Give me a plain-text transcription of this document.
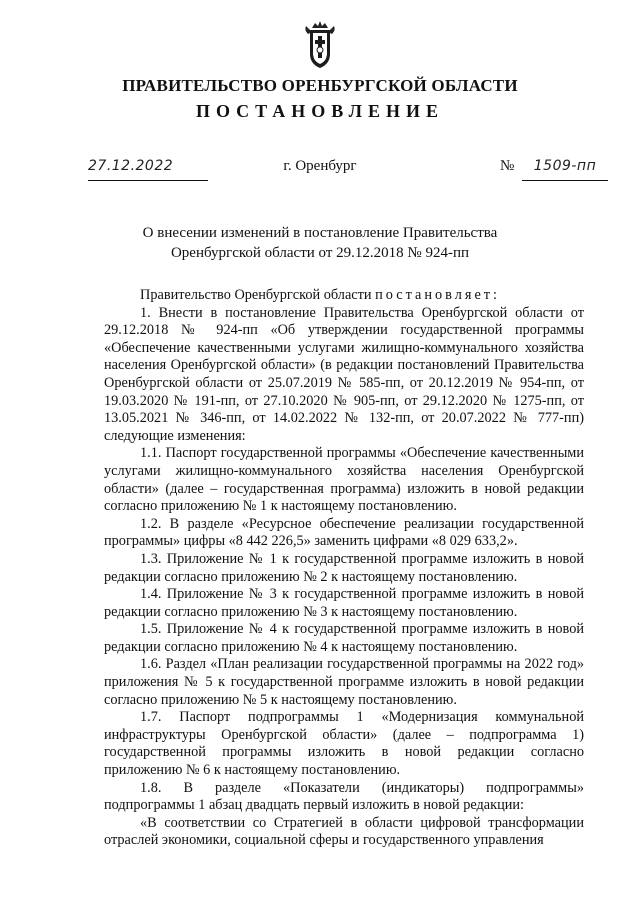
ПРАВИТЕЛЬСТВО ОРЕНБУРГСКОЙ ОБЛАСТИ
ПОСТАНОВЛЕНИЕ
27.12.2022	г. Оренбург	№	1509-пп
О внесении изменений в постановление Правительства
Оренбургской области от 29.12.2018 № 924-пп

Правительство Оренбургской области постановляет:

1. Внести в постановление Правительства Оренбургской области от 29.12.2018 № 924-пп «Об утверждении государственной программы «Обеспечение качественными услугами жилищно-коммунального хозяйства населения Оренбургской области» (в редакции постановлений Правительства Оренбургской области от 25.07.2019 № 585-пп, от 20.12.2019 № 954-пп, от 19.03.2020 № 191-пп, от 27.10.2020 № 905-пп, от 29.12.2020 № 1275-пп, от 13.05.2021 № 346-пп, от 14.02.2022 № 132-пп, от 20.07.2022 № 777-пп) следующие изменения:

1.1. Паспорт государственной программы «Обеспечение качественными услугами жилищно-коммунального хозяйства населения Оренбургской области» (далее – государственная программа) изложить в новой редакции согласно приложению № 1 к настоящему постановлению.

1.2. В разделе «Ресурсное обеспечение реализации государственной программы» цифры «8 442 226,5» заменить цифрами «8 029 633,2».

1.3. Приложение № 1 к государственной программе изложить в новой редакции согласно приложению № 2 к настоящему постановлению.

1.4. Приложение № 3 к государственной программе изложить в новой редакции согласно приложению № 3 к настоящему постановлению.

1.5. Приложение № 4 к государственной программе изложить в новой редакции согласно приложению № 4 к настоящему постановлению.

1.6. Раздел «План реализации государственной программы на 2022 год» приложения № 5 к государственной программе изложить в новой редакции согласно приложению № 5 к настоящему постановлению.

1.7. Паспорт подпрограммы 1 «Модернизация коммунальной инфраструктуры Оренбургской области» (далее – подпрограмма 1) государственной программы изложить в новой редакции согласно приложению № 6 к настоящему постановлению.

1.8. В разделе «Показатели (индикаторы) подпрограммы» подпрограммы 1 абзац двадцать первый изложить в новой редакции:

«В соответствии со Стратегией в области цифровой трансформации отраслей экономики, социальной сферы и государственного управления
